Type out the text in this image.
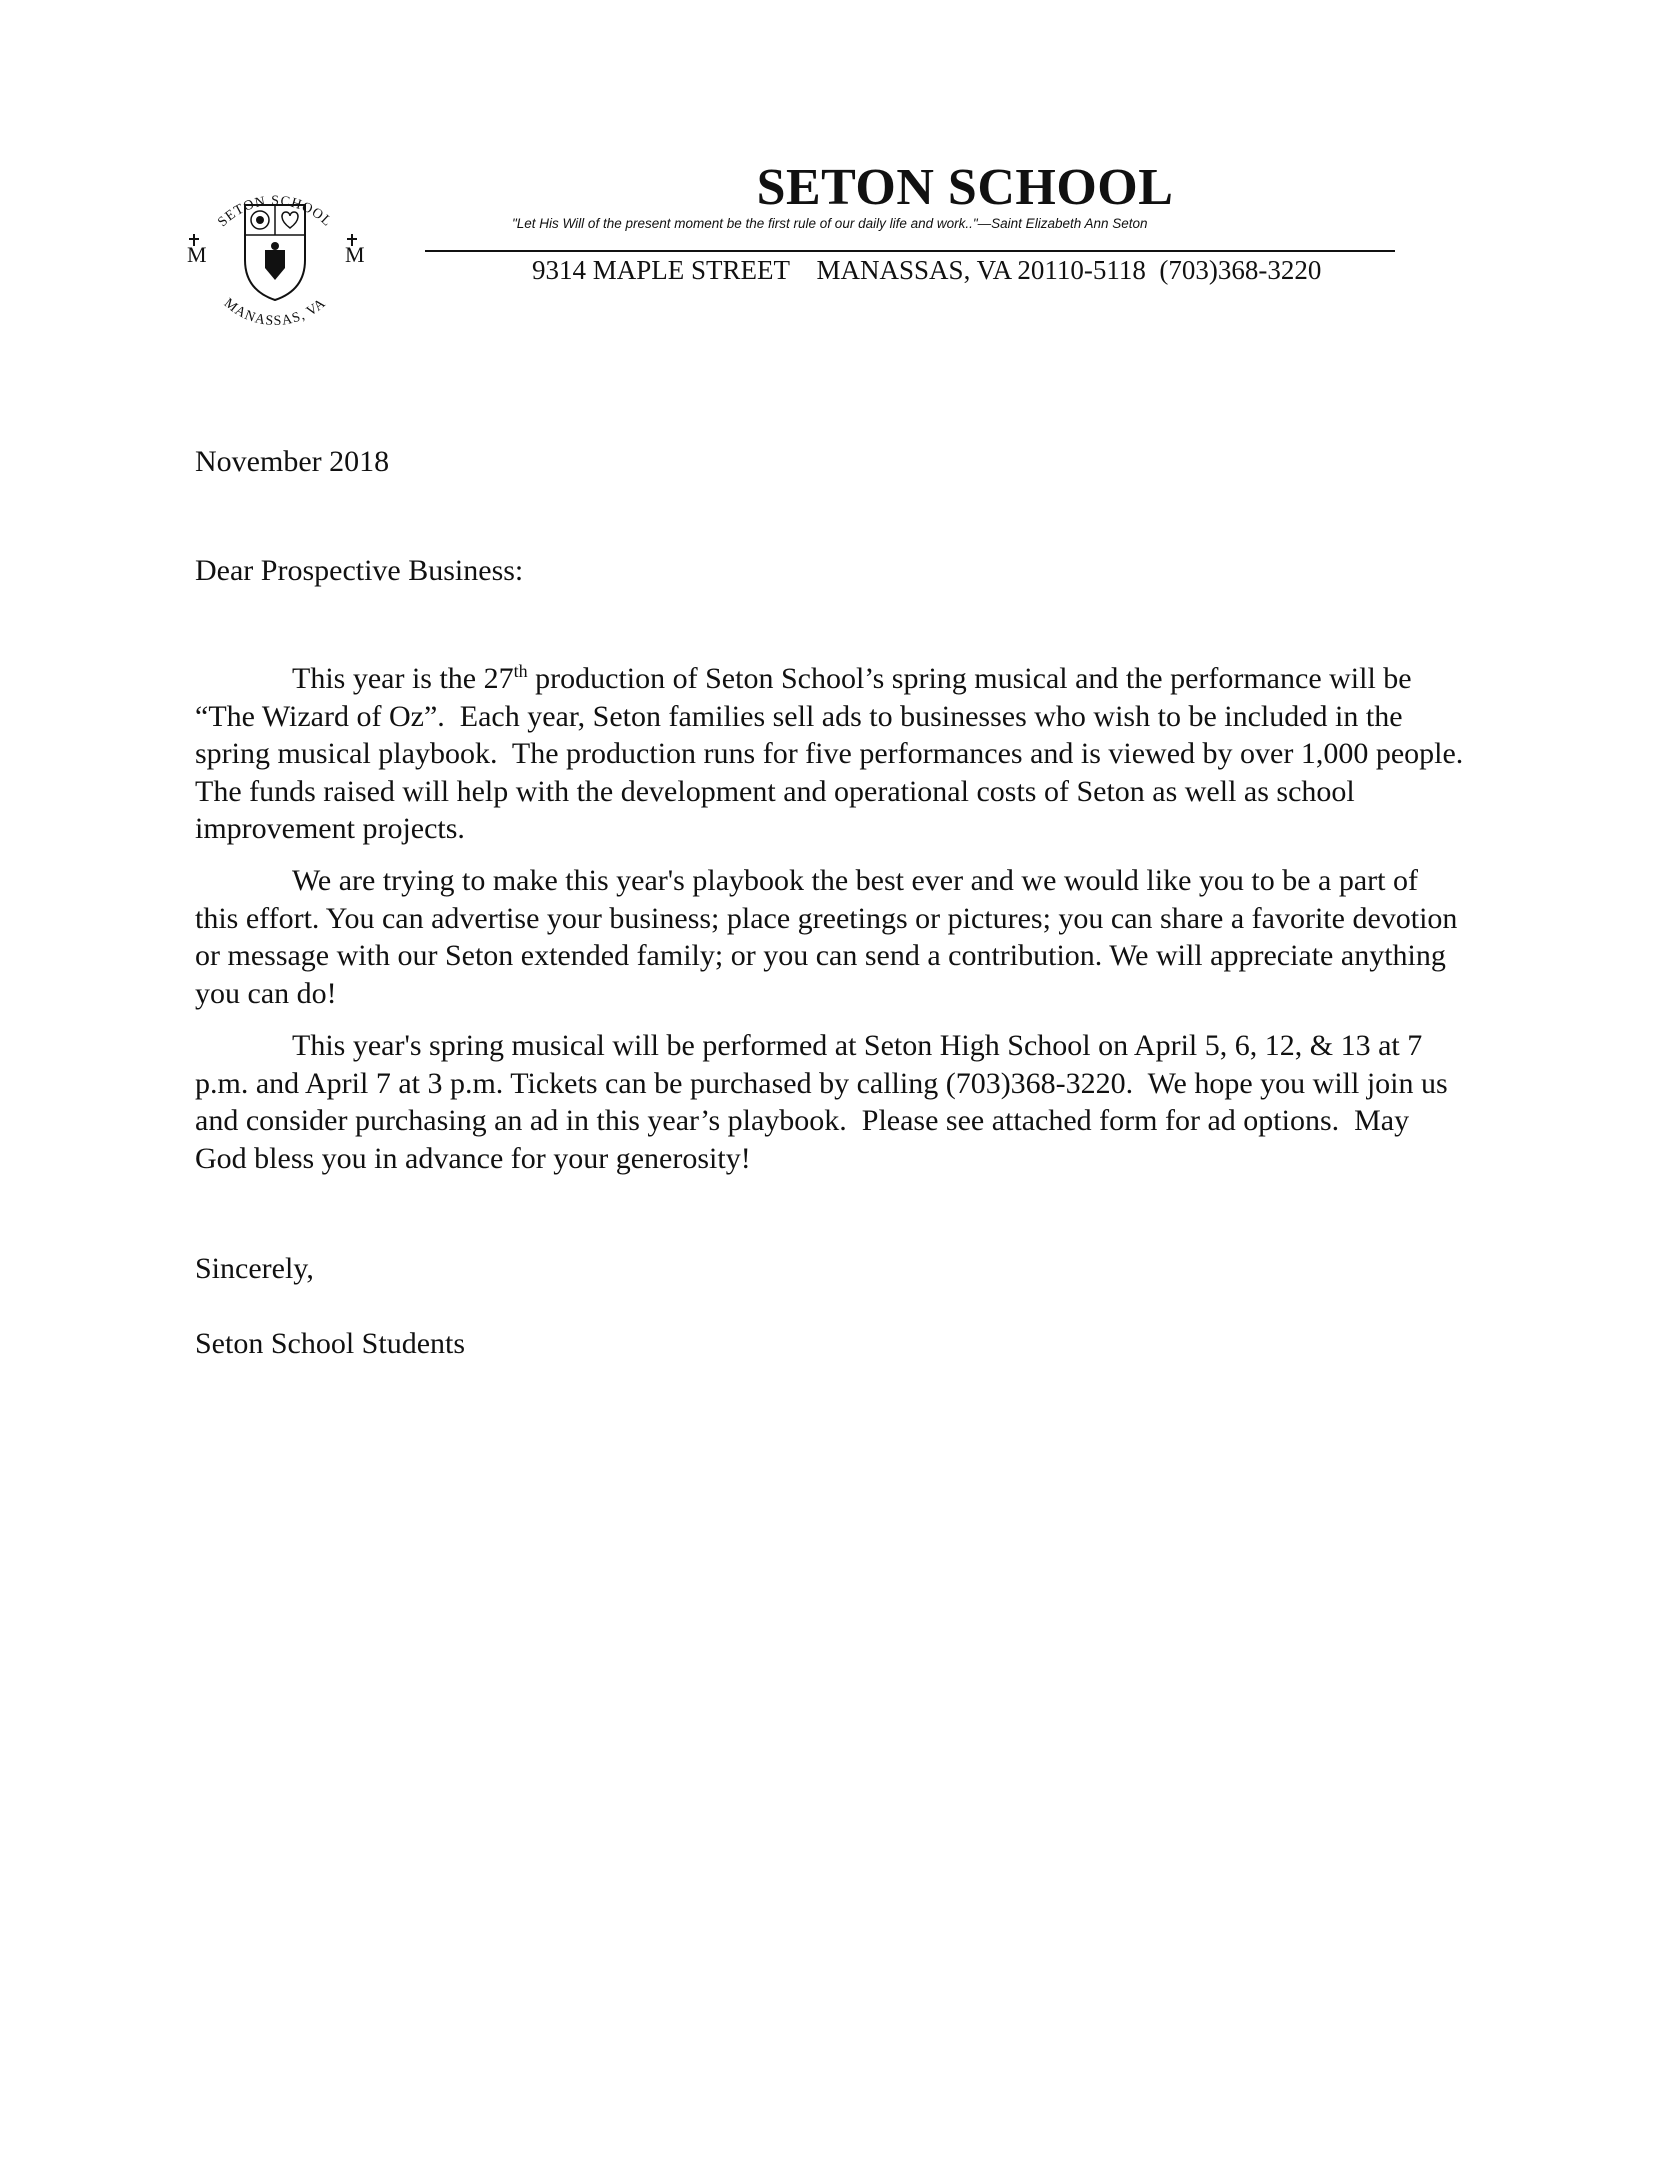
SETON SCHOOL
MANASSAS, VA
M	M
SETON SCHOOL

"Let His Will of the present moment be the first rule of our daily life and work.."—Saint Elizabeth Ann Seton

9314 MAPLE STREET    MANASSAS, VA 20110-5118  (703)368-3220

November 2018

Dear Prospective Business:

This year is the 27th production of Seton School’s spring musical and the performance will be “The Wizard of Oz”.  Each year, Seton families sell ads to businesses who wish to be included in the spring musical playbook.  The production runs for five performances and is viewed by over 1,000 people.  The funds raised will help with the development and operational costs of Seton as well as school improvement projects.

We are trying to make this year's playbook the best ever and we would like you to be a part of this effort. You can advertise your business; place greetings or pictures; you can share a favorite devotion or message with our Seton extended family; or you can send a contribution. We will appreciate anything you can do!

This year's spring musical will be performed at Seton High School on April 5, 6, 12, & 13 at 7 p.m. and April 7 at 3 p.m. Tickets can be purchased by calling (703)368-3220.  We hope you will join us and consider purchasing an ad in this year’s playbook.  Please see attached form for ad options.  May God bless you in advance for your generosity!

Sincerely,

Seton School Students
